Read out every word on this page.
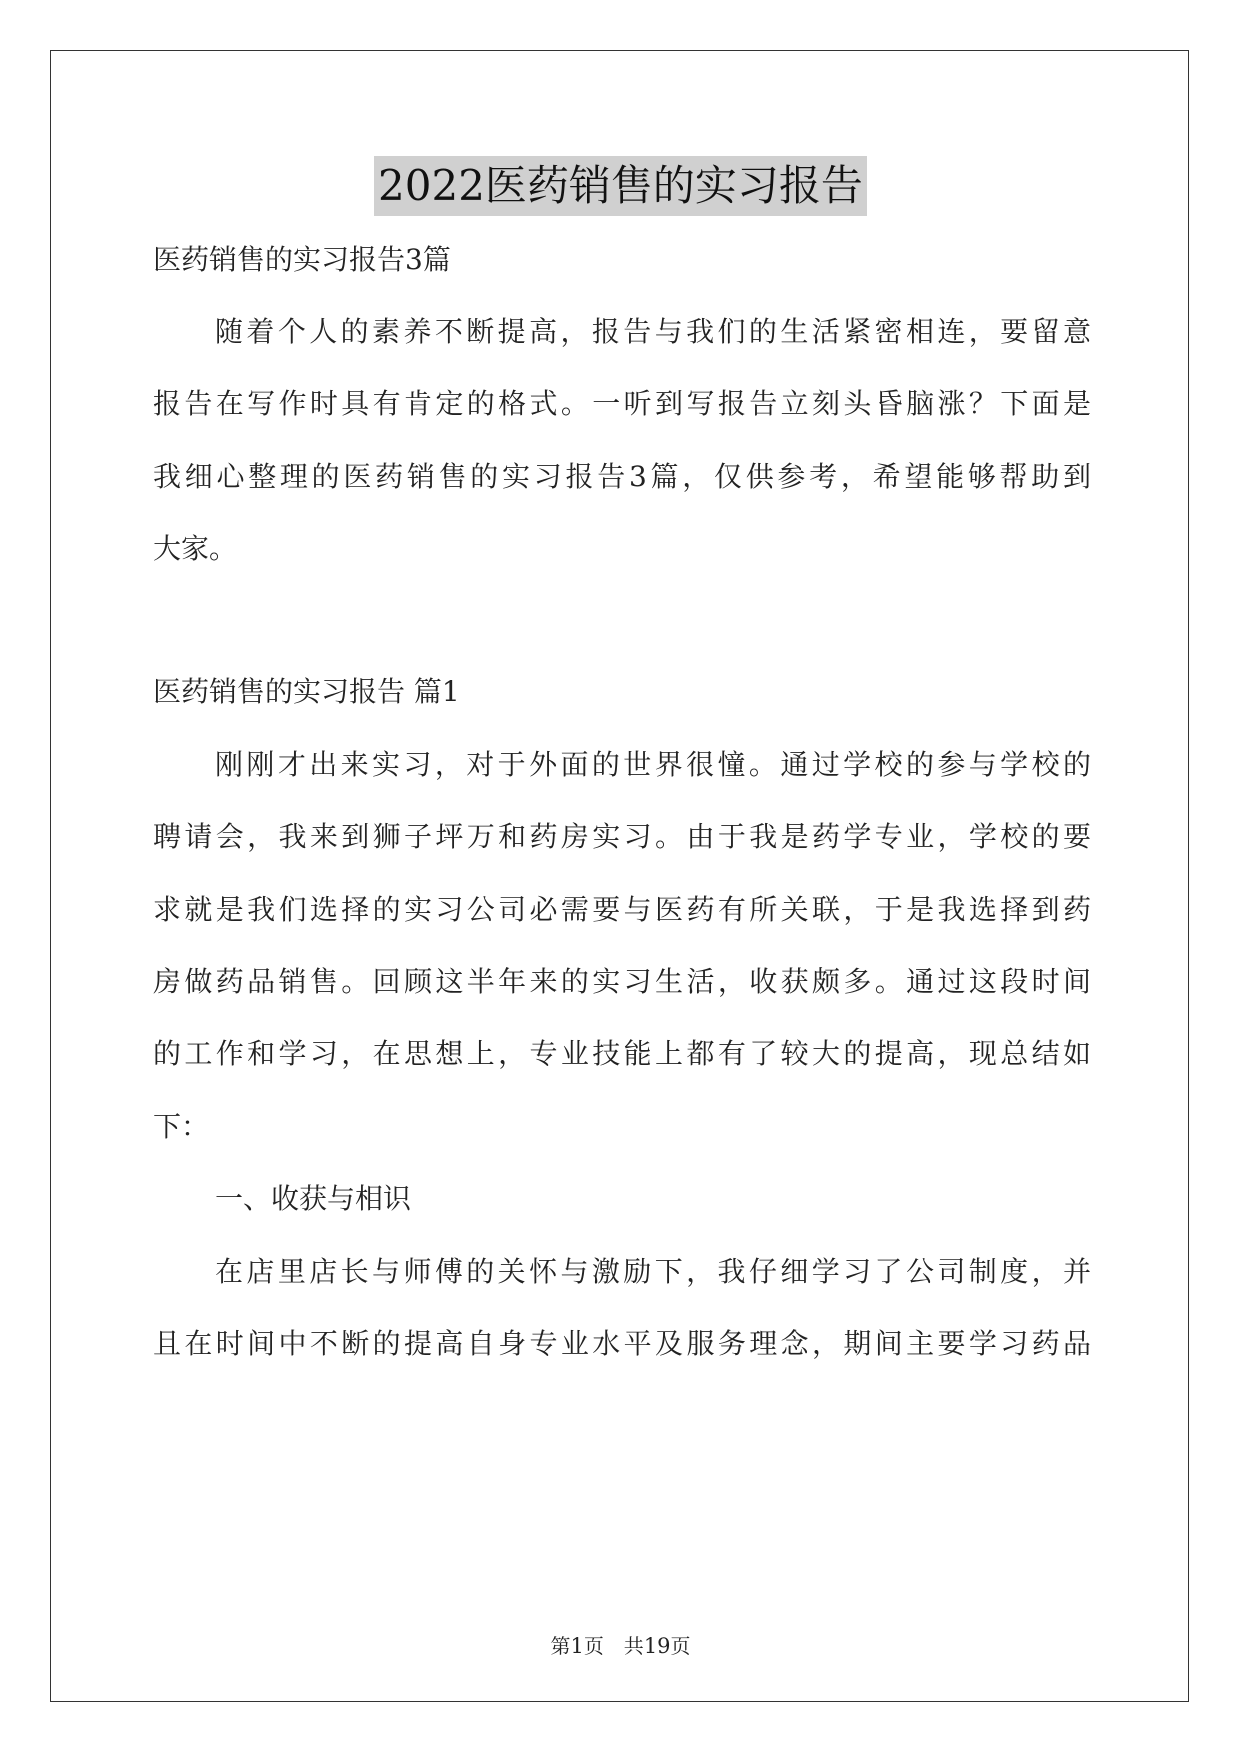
2022医药销售的实习报告

医药销售的实习报告3篇

随着个人的素养不断提高，报告与我们的生活紧密相连，要留意

报告在写作时具有肯定的格式。一听到写报告立刻头昏脑涨？下面是

我细心整理的医药销售的实习报告3篇，仅供参考，希望能够帮助到

大家。

医药销售的实习报告 篇1

刚刚才出来实习，对于外面的世界很憧。通过学校的参与学校的

聘请会，我来到狮子坪万和药房实习。由于我是药学专业，学校的要

求就是我们选择的实习公司必需要与医药有所关联，于是我选择到药

房做药品销售。回顾这半年来的实习生活，收获颇多。通过这段时间

的工作和学习，在思想上，专业技能上都有了较大的提高，现总结如

下：

一、收获与相识

在店里店长与师傅的关怀与激励下，我仔细学习了公司制度，并

且在时间中不断的提高自身专业水平及服务理念，期间主要学习药品

第1页　共19页
